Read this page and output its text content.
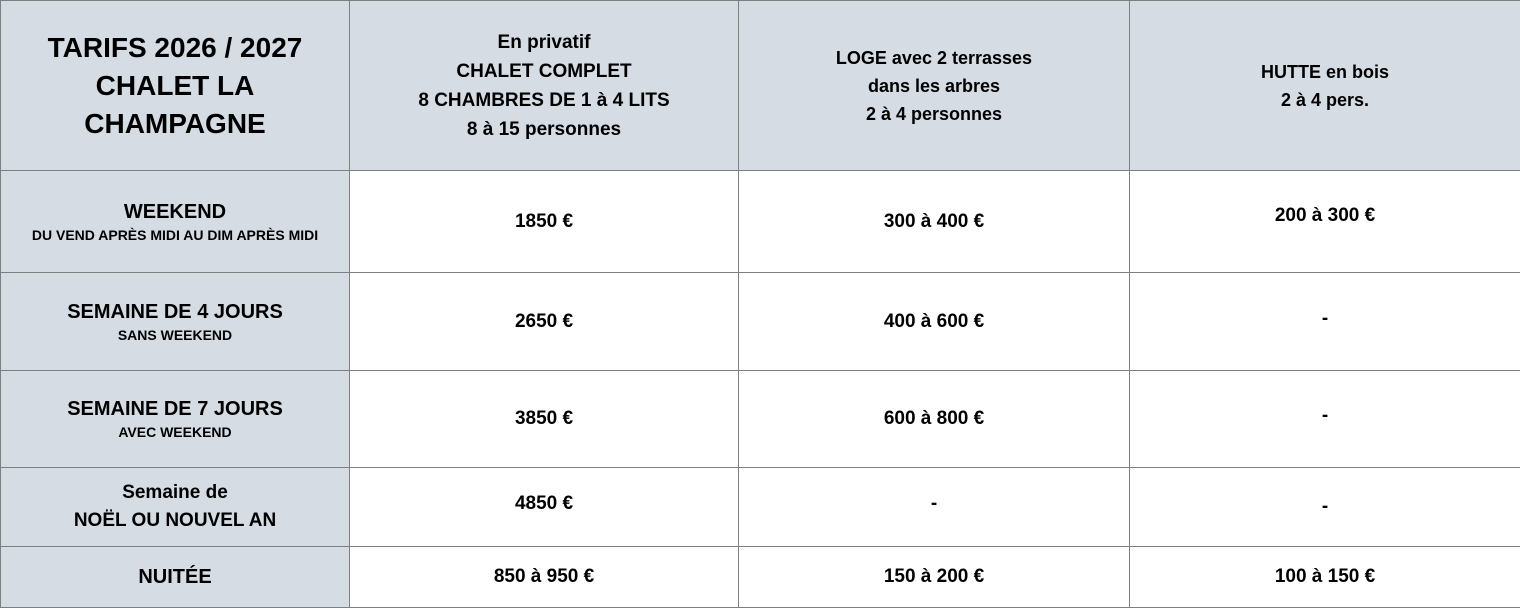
TARIFS 2026 / 2027
CHALET LA CHAMPAGNE	En privatif
CHALET COMPLET
8 CHAMBRES DE 1 à 4 LITS
8 à 15 personnes	LOGE avec 2 terrasses
dans les arbres
2 à 4 personnes	HUTTE en bois
2 à 4 pers.

WEEKEND
DU VEND APRÈS MIDI AU DIM APRÈS MIDI	1850 €	300 à 400 €	200 à 300 €

SEMAINE DE 4 JOURS
SANS WEEKEND	2650 €	400 à 600 €	-

SEMAINE DE 7 JOURS
AVEC WEEKEND	3850 €	600 à 800 €	-

Semaine de
NOËL OU NOUVEL AN	4850 €	-	-

NUITÉE	850 à 950 €	150 à 200 €	100 à 150 €
